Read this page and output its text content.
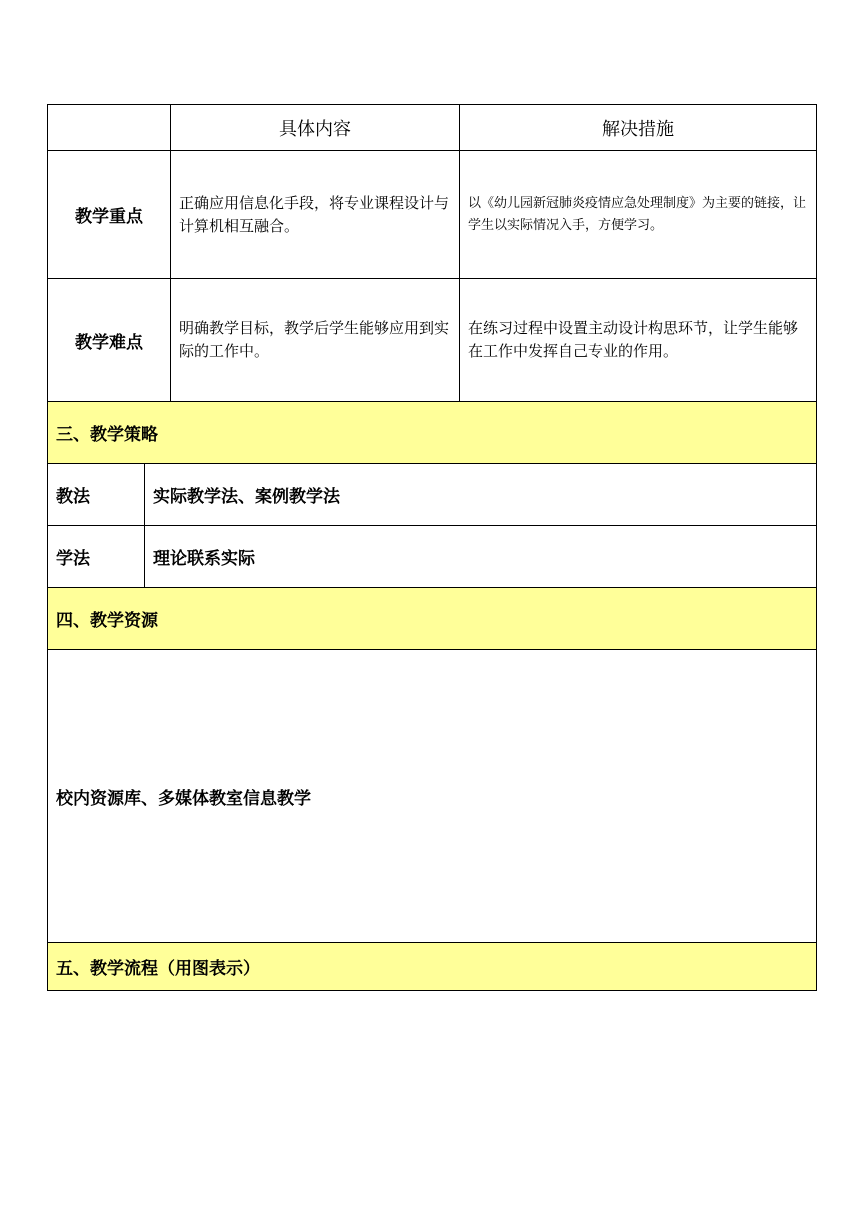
	具体内容	解决措施
教学重点	正确应用信息化手段，将专业课程设计与计算机相互融合。	以《幼儿园新冠肺炎疫情应急处理制度》为主要的链接，让学生以实际情况入手，方便学习。
教学难点	明确教学目标，教学后学生能够应用到实际的工作中。	在练习过程中设置主动设计构思环节，让学生能够在工作中发挥自己专业的作用。
三、教学策略	
教法	实际教学法、案例教学法
学法	理论联系实际
四、教学资源	
校内资源库、多媒体教室信息教学	
五、教学流程（用图表示）	
